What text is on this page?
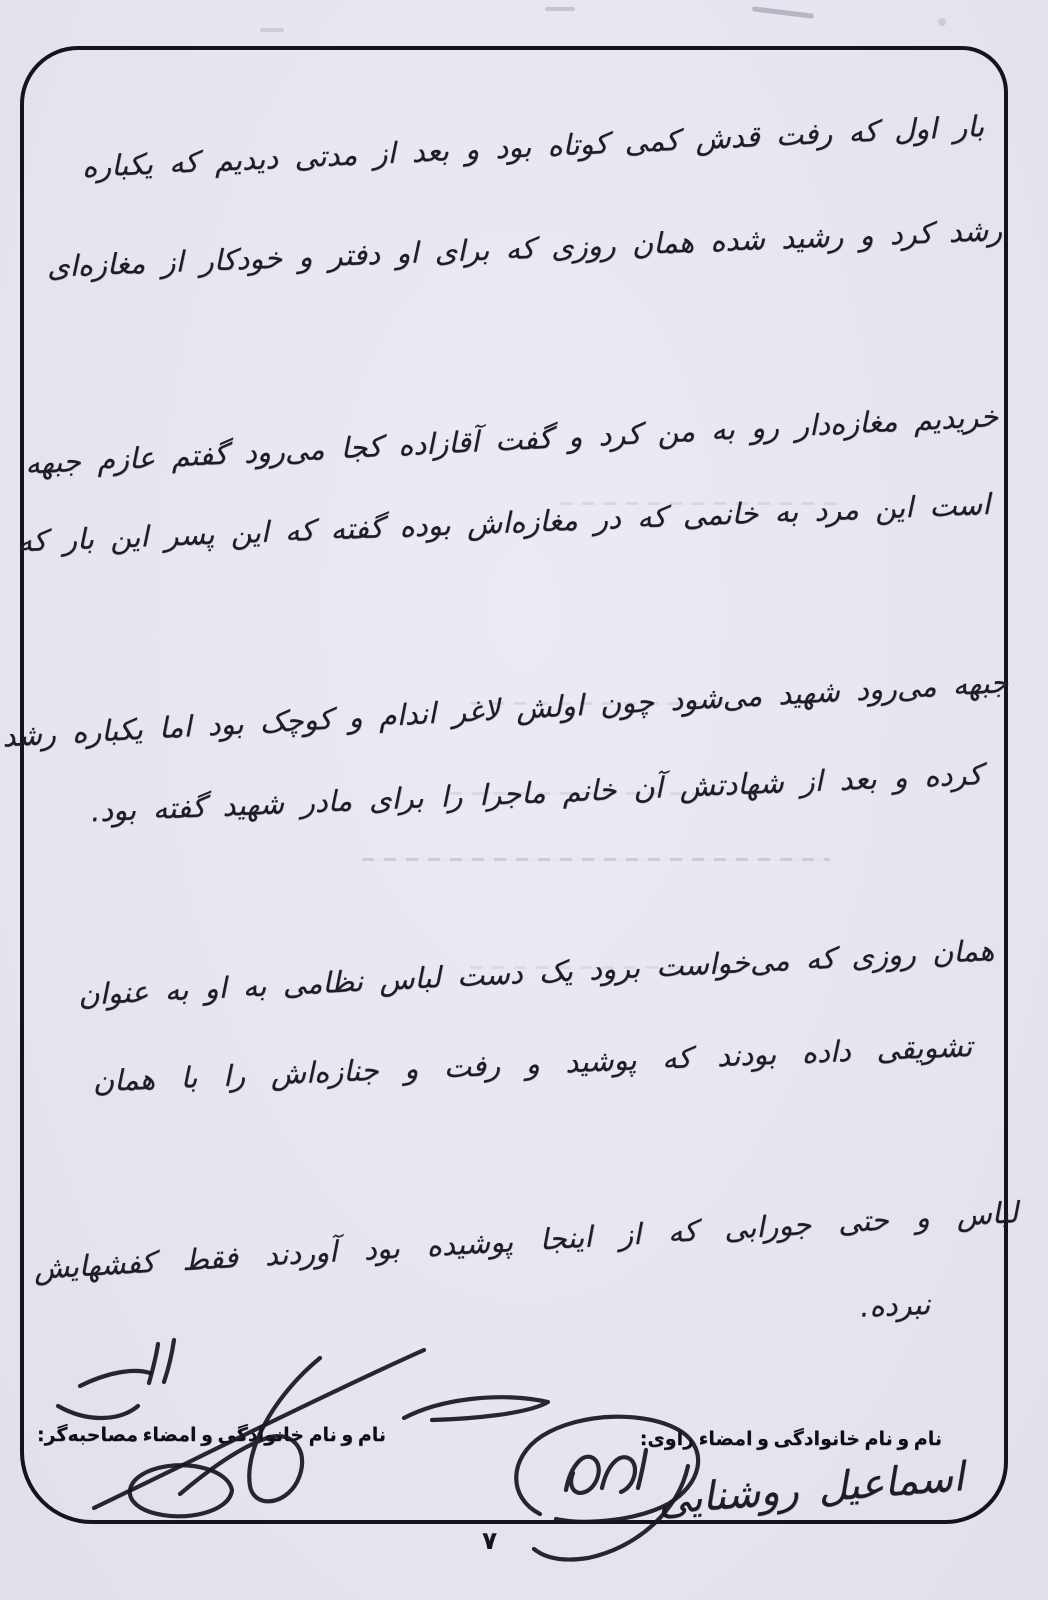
بار اول که رفت قدش کمی کوتاه بود و بعد از مدتی دیدیم که یکباره
رشد کرد و رشید شده همان روزی که برای او دفتر و خودکار از مغازه‌ای
خریدیم مغازه‌دار رو به من کرد و گفت آقازاده کجا می‌رود گفتم عازم جبهه
است این مرد به خانمی که در مغازه‌اش بوده گفته که این پسر این بار که
جبهه می‌رود شهید می‌شود چون اولش لاغر اندام و کوچک بود اما یکباره رشد
کرده و بعد از شهادتش آن خانم ماجرا را برای مادر شهید گفته بود.
همان روزی که می‌خواست برود یک دست لباس نظامی به او به عنوان
تشویقی داده بودند که پوشید و رفت و جنازه‌اش را با همان
لباس و حتی جورابی که از اینجا پوشیده بود آوردند فقط کفشهایش
نبرده.
نام و نام خانوادگی و امضاء مصاحبه‌گر:	نام و نام خانوادگی و امضاء راوی:
اسماعیل روشنایی
۷
